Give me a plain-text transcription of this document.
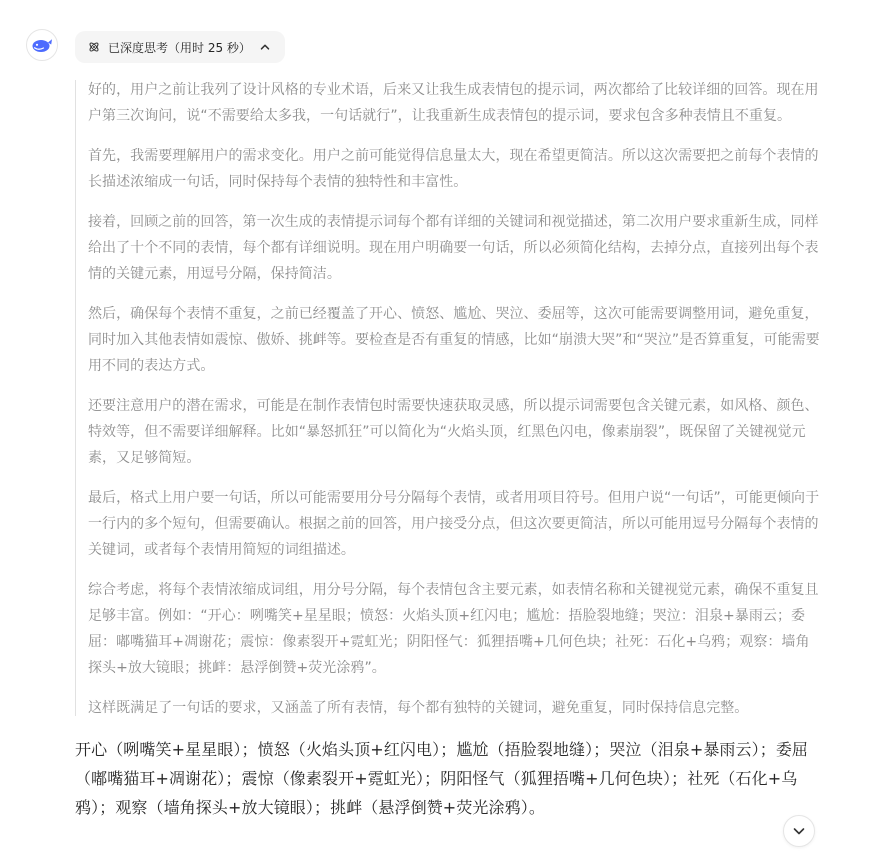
已深度思考（用时 25 秒）

好的，用户之前让我列了设计风格的专业术语，后来又让我生成表情包的提示词，两次都给了比较详细的回答。现在用户第三次询问，说“不需要给太多我，一句话就行”，让我重新生成表情包的提示词，要求包含多种表情且不重复。

首先，我需要理解用户的需求变化。用户之前可能觉得信息量太大，现在希望更简洁。所以这次需要把之前每个表情的长描述浓缩成一句话，同时保持每个表情的独特性和丰富性。

接着，回顾之前的回答，第一次生成的表情提示词每个都有详细的关键词和视觉描述，第二次用户要求重新生成，同样给出了十个不同的表情，每个都有详细说明。现在用户明确要一句话，所以必须简化结构，去掉分点，直接列出每个表情的关键元素，用逗号分隔，保持简洁。

然后，确保每个表情不重复，之前已经覆盖了开心、愤怒、尴尬、哭泣、委屈等，这次可能需要调整用词，避免重复，同时加入其他表情如震惊、傲娇、挑衅等。要检查是否有重复的情感，比如“崩溃大哭”和“哭泣”是否算重复，可能需要用不同的表达方式。

还要注意用户的潜在需求，可能是在制作表情包时需要快速获取灵感，所以提示词需要包含关键元素，如风格、颜色、特效等，但不需要详细解释。比如“暴怒抓狂”可以简化为“火焰头顶，红黑色闪电，像素崩裂”，既保留了关键视觉元素，又足够简短。

最后，格式上用户要一句话，所以可能需要用分号分隔每个表情，或者用项目符号。但用户说“一句话”，可能更倾向于一行内的多个短句，但需要确认。根据之前的回答，用户接受分点，但这次要更简洁，所以可能用逗号分隔每个表情的关键词，或者每个表情用简短的词组描述。

综合考虑，将每个表情浓缩成词组，用分号分隔，每个表情包含主要元素，如表情名称和关键视觉元素，确保不重复且足够丰富。例如：“开心：咧嘴笑+星星眼；愤怒：火焰头顶+红闪电；尴尬：捂脸裂地缝；哭泣：泪泉+暴雨云；委屈：嘟嘴猫耳+凋谢花；震惊：像素裂开+霓虹光；阴阳怪气：狐狸捂嘴+几何色块；社死：石化+乌鸦；观察：墙角探头+放大镜眼；挑衅：悬浮倒赞+荧光涂鸦”。

这样既满足了一句话的要求，又涵盖了所有表情，每个都有独特的关键词，避免重复，同时保持信息完整。

开心（咧嘴笑+星星眼）；愤怒（火焰头顶+红闪电）；尴尬（捂脸裂地缝）；哭泣（泪泉+暴雨云）；委屈（嘟嘴猫耳+凋谢花）；震惊（像素裂开+霓虹光）；阴阳怪气（狐狸捂嘴+几何色块）；社死（石化+乌鸦）；观察（墙角探头+放大镜眼）；挑衅（悬浮倒赞+荧光涂鸦）。
